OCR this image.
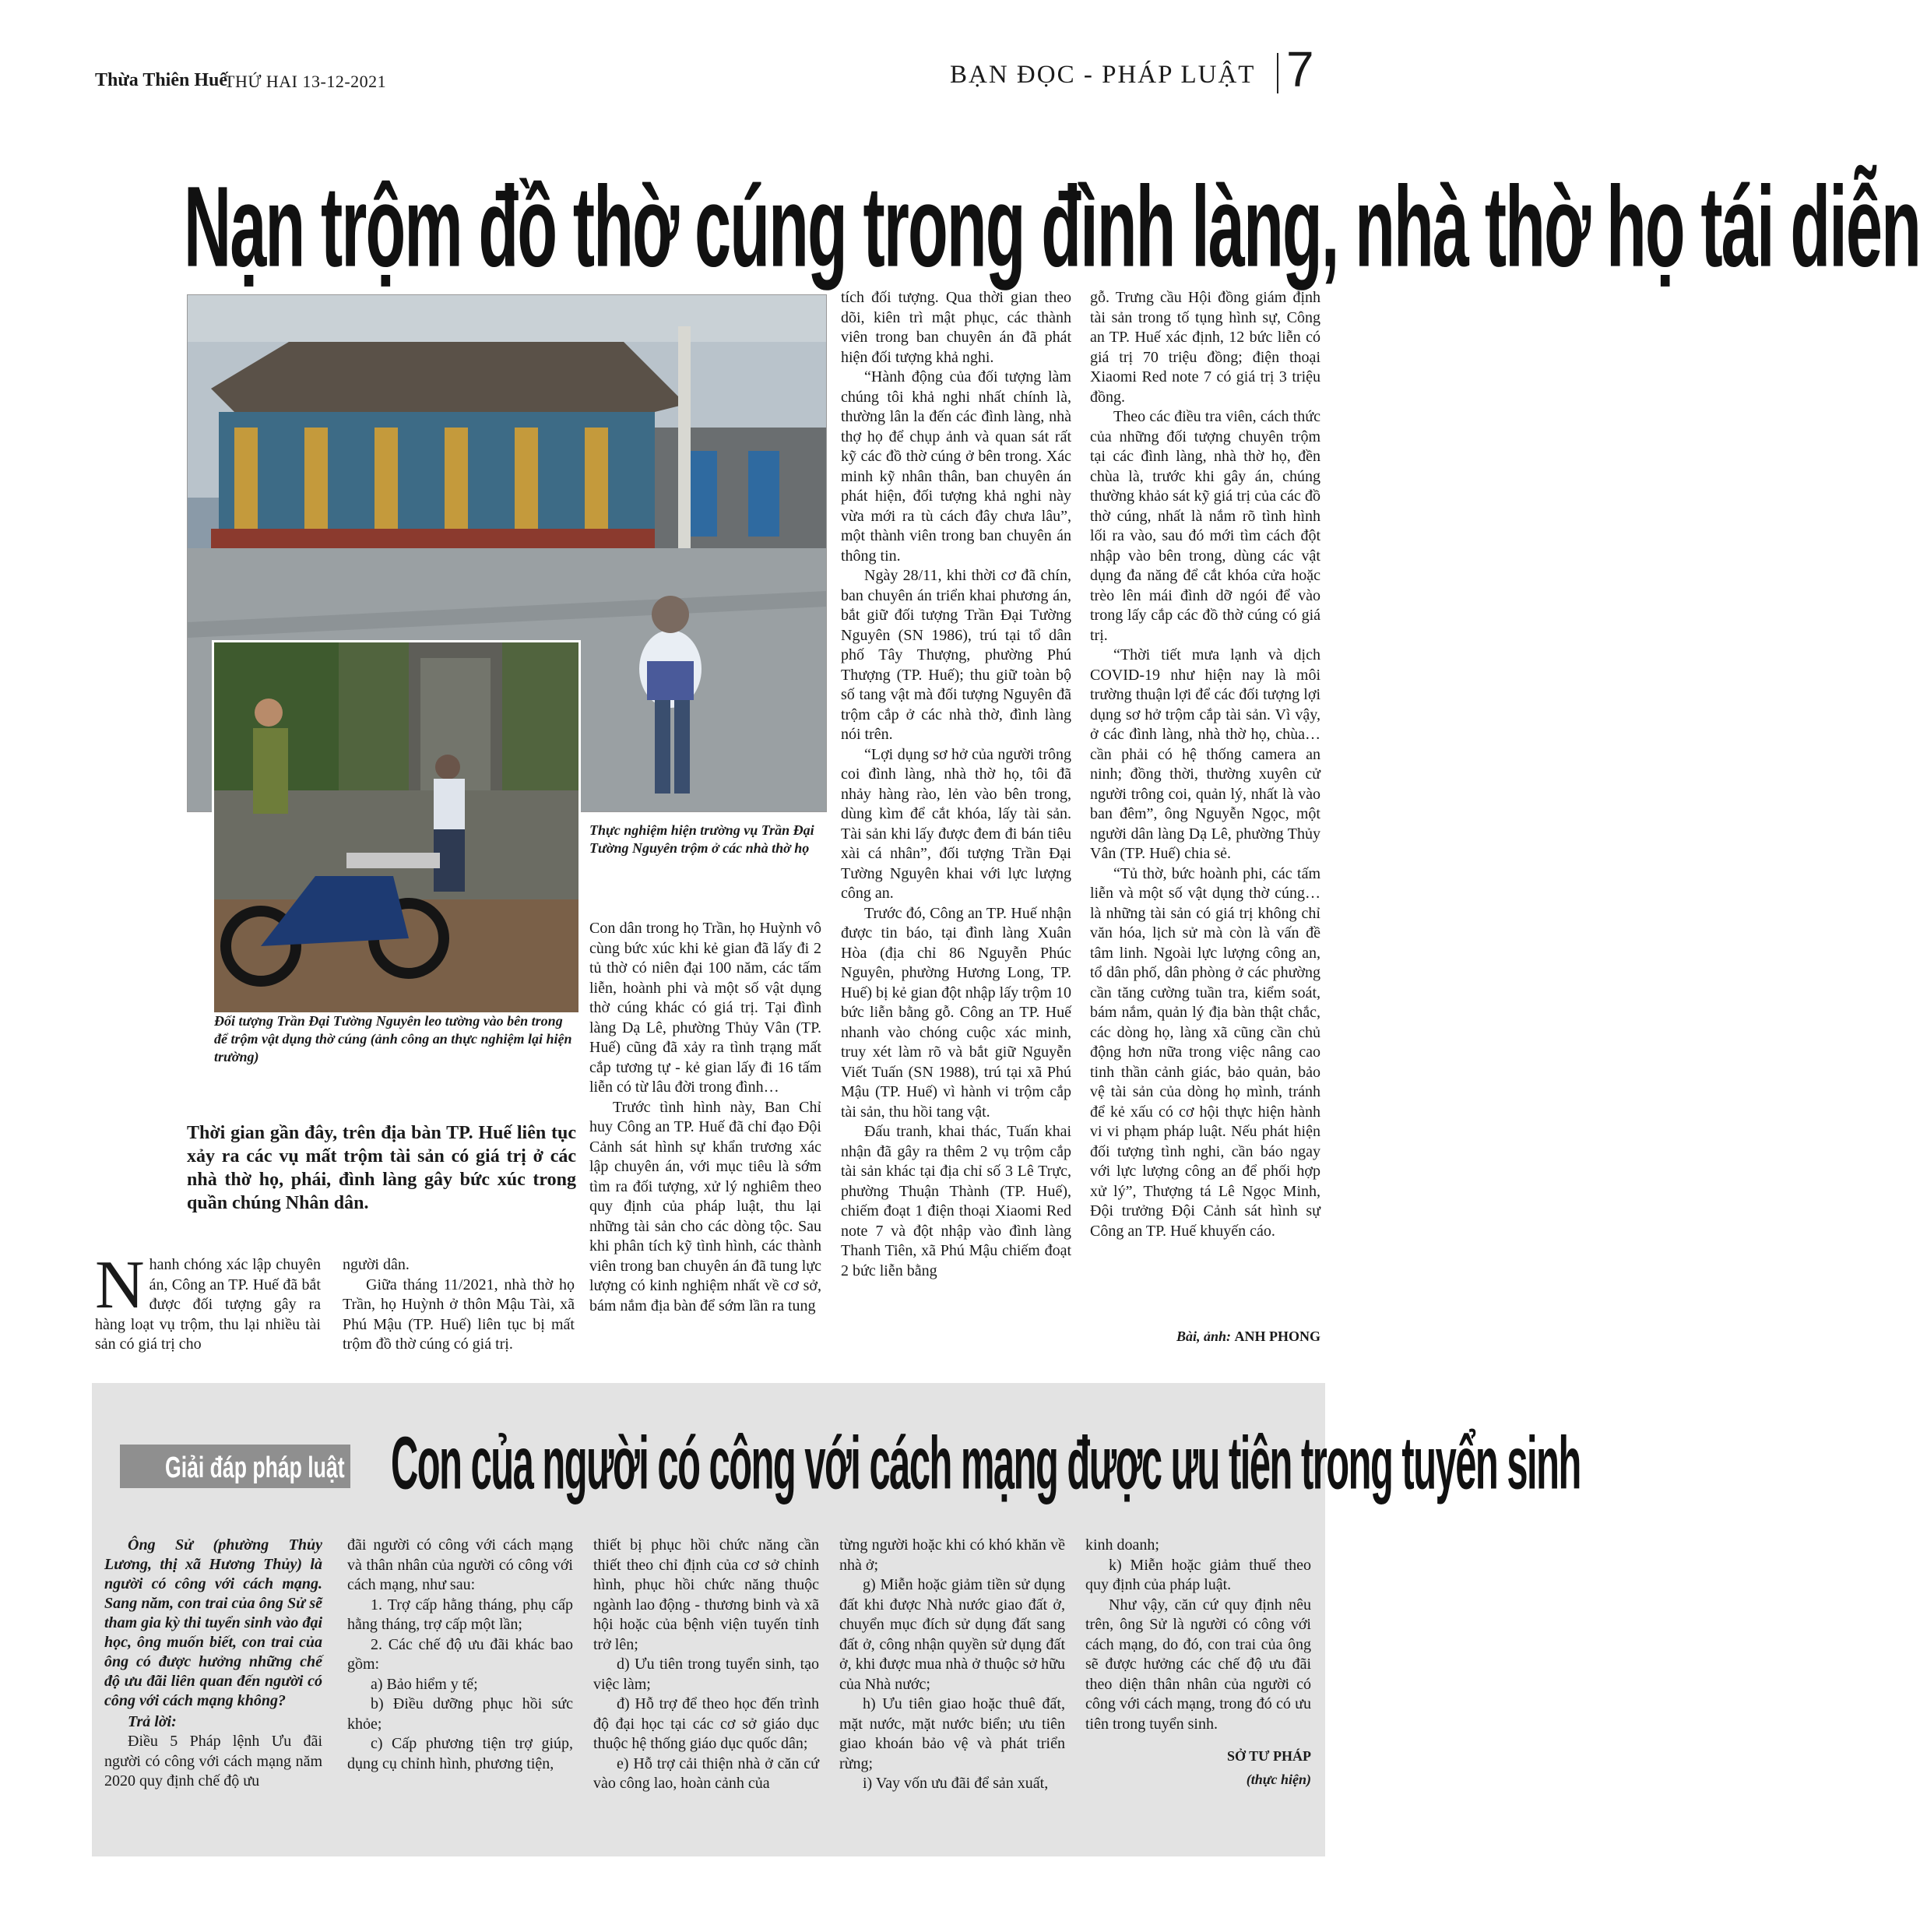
Thừa Thiên Huế
THỨ HAI 13-12-2021	BẠN ĐỌC - PHÁP LUẬT 7
Nạn trộm đồ thờ cúng trong đình làng, nhà thờ họ tái diễn
Thực nghiệm hiện trường vụ Trần Đại Tường Nguyên trộm ở các nhà thờ họ
Đối tượng Trần Đại Tường Nguyên leo tường vào bên trong để trộm vật dụng thờ cúng (ảnh công an thực nghiệm lại hiện trường)
Thời gian gần đây, trên địa bàn TP. Huế liên tục xảy ra các vụ mất trộm tài sản có giá trị ở các nhà thờ họ, phái, đình làng gây bức xúc trong quần chúng Nhân dân.
N hanh chóng xác lập chuyên án, Công an TP. Huế đã bắt được đối tượng gây ra hàng loạt vụ trộm, thu lại nhiều tài sản có giá trị cho

người dân.

Giữa tháng 11/2021, nhà thờ họ Trần, họ Huỳnh ở thôn Mậu Tài, xã Phú Mậu (TP. Huế) liên tục bị mất trộm đồ thờ cúng có giá trị.

Con dân trong họ Trần, họ Huỳnh vô cùng bức xúc khi kẻ gian đã lấy đi 2 tủ thờ có niên đại 100 năm, các tấm liễn, hoành phi và một số vật dụng thờ cúng khác có giá trị. Tại đình làng Dạ Lê, phường Thủy Vân (TP. Huế) cũng đã xảy ra tình trạng mất cắp tương tự - kẻ gian lấy đi 16 tấm liễn có từ lâu đời trong đình…

Trước tình hình này, Ban Chỉ huy Công an TP. Huế đã chỉ đạo Đội Cảnh sát hình sự khẩn trương xác lập chuyên án, với mục tiêu là sớm tìm ra đối tượng, xử lý nghiêm theo quy định của pháp luật, thu lại những tài sản cho các dòng tộc. Sau khi phân tích kỹ tình hình, các thành viên trong ban chuyên án đã tung lực lượng có kinh nghiệm nhất về cơ sở, bám nắm địa bàn để sớm lần ra tung

tích đối tượng. Qua thời gian theo dõi, kiên trì mật phục, các thành viên trong ban chuyên án đã phát hiện đối tượng khả nghi.

“Hành động của đối tượng làm chúng tôi khả nghi nhất chính là, thường lân la đến các đình làng, nhà thợ họ để chụp ảnh và quan sát rất kỹ các đồ thờ cúng ở bên trong. Xác minh kỹ nhân thân, ban chuyên án phát hiện, đối tượng khả nghi này vừa mới ra tù cách đây chưa lâu”, một thành viên trong ban chuyên án thông tin.

Ngày 28/11, khi thời cơ đã chín, ban chuyên án triển khai phương án, bắt giữ đối tượng Trần Đại Tường Nguyên (SN 1986), trú tại tổ dân phố Tây Thượng, phường Phú Thượng (TP. Huế); thu giữ toàn bộ số tang vật mà đối tượng Nguyên đã trộm cắp ở các nhà thờ, đình làng nói trên.

“Lợi dụng sơ hở của người trông coi đình làng, nhà thờ họ, tôi đã nhảy hàng rào, lẻn vào bên trong, dùng kìm để cắt khóa, lấy tài sản. Tài sản khi lấy được đem đi bán tiêu xài cá nhân”, đối tượng Trần Đại Tường Nguyên khai với lực lượng công an.

Trước đó, Công an TP. Huế nhận được tin báo, tại đình làng Xuân Hòa (địa chỉ 86 Nguyễn Phúc Nguyên, phường Hương Long, TP. Huế) bị kẻ gian đột nhập lấy trộm 10 bức liễn bằng gỗ. Công an TP. Huế nhanh vào chóng cuộc xác minh, truy xét làm rõ và bắt giữ Nguyễn Viết Tuấn (SN 1988), trú tại xã Phú Mậu (TP. Huế) vì hành vi trộm cắp tài sản, thu hồi tang vật.

Đấu tranh, khai thác, Tuấn khai nhận đã gây ra thêm 2 vụ trộm cắp tài sản khác tại địa chỉ số 3 Lê Trực, phường Thuận Thành (TP. Huế), chiếm đoạt 1 điện thoại Xiaomi Red note 7 và đột nhập vào đình làng Thanh Tiên, xã Phú Mậu chiếm đoạt 2 bức liễn bằng

gỗ. Trưng cầu Hội đồng giám định tài sản trong tố tụng hình sự, Công an TP. Huế xác định, 12 bức liễn có giá trị 70 triệu đồng; điện thoại Xiaomi Red note 7 có giá trị 3 triệu đồng.

Theo các điều tra viên, cách thức của những đối tượng chuyên trộm tại các đình làng, nhà thờ họ, đền chùa là, trước khi gây án, chúng thường khảo sát kỹ giá trị của các đồ thờ cúng, nhất là nắm rõ tình hình lối ra vào, sau đó mới tìm cách đột nhập vào bên trong, dùng các vật dụng đa năng để cắt khóa cửa hoặc trèo lên mái đình dỡ ngói để vào trong lấy cắp các đồ thờ cúng có giá trị.

“Thời tiết mưa lạnh và dịch COVID-19 như hiện nay là môi trường thuận lợi để các đối tượng lợi dụng sơ hở trộm cắp tài sản. Vì vậy, ở các đình làng, nhà thờ họ, chùa… cần phải có hệ thống camera an ninh; đồng thời, thường xuyên cử người trông coi, quản lý, nhất là vào ban đêm”, ông Nguyễn Ngọc, một người dân làng Dạ Lê, phường Thủy Vân (TP. Huế) chia sẻ.

“Tủ thờ, bức hoành phi, các tấm liễn và một số vật dụng thờ cúng… là những tài sản có giá trị không chỉ văn hóa, lịch sử mà còn là vấn đề tâm linh. Ngoài lực lượng công an, tổ dân phố, dân phòng ở các phường cần tăng cường tuần tra, kiểm soát, bám nắm, quản lý địa bàn thật chắc, các dòng họ, làng xã cũng cần chủ động hơn nữa trong việc nâng cao tinh thần cảnh giác, bảo quản, bảo vệ tài sản của dòng họ mình, tránh để kẻ xấu có cơ hội thực hiện hành vi vi phạm pháp luật. Nếu phát hiện đối tượng tình nghi, cần báo ngay với lực lượng công an để phối hợp xử lý”, Thượng tá Lê Ngọc Minh, Đội trưởng Đội Cảnh sát hình sự Công an TP. Huế khuyến cáo.

Bài, ảnh: ANH PHONG
Giải đáp pháp luật Con của người có công với cách mạng được ưu tiên trong tuyển sinh
Ông Sử (phường Thủy Lương, thị xã Hương Thủy) là người có công với cách mạng. Sang năm, con trai của ông Sử sẽ tham gia kỳ thi tuyển sinh vào đại học, ông muốn biết, con trai của ông có được hưởng những chế độ ưu đãi liên quan đến người có công với cách mạng không?
Trả lời:
Điều 5 Pháp lệnh Ưu đãi người có công với cách mạng năm 2020 quy định chế độ ưu

đãi người có công với cách mạng và thân nhân của người có công với cách mạng, như sau:

1. Trợ cấp hằng tháng, phụ cấp hằng tháng, trợ cấp một lần;

2. Các chế độ ưu đãi khác bao gồm:

a) Bảo hiểm y tế;

b) Điều dưỡng phục hồi sức khỏe;

c) Cấp phương tiện trợ giúp, dụng cụ chỉnh hình, phương tiện,

thiết bị phục hồi chức năng cần thiết theo chỉ định của cơ sở chỉnh hình, phục hồi chức năng thuộc ngành lao động - thương binh và xã hội hoặc của bệnh viện tuyến tỉnh trở lên;

d) Ưu tiên trong tuyển sinh, tạo việc làm;

đ) Hỗ trợ để theo học đến trình độ đại học tại các cơ sở giáo dục thuộc hệ thống giáo dục quốc dân;

e) Hỗ trợ cải thiện nhà ở căn cứ vào công lao, hoàn cảnh của

từng người hoặc khi có khó khăn về nhà ở;

g) Miễn hoặc giảm tiền sử dụng đất khi được Nhà nước giao đất ở, chuyển mục đích sử dụng đất sang đất ở, công nhận quyền sử dụng đất ở, khi được mua nhà ở thuộc sở hữu của Nhà nước;

h) Ưu tiên giao hoặc thuê đất, mặt nước, mặt nước biển; ưu tiên giao khoán bảo vệ và phát triển rừng;

i) Vay vốn ưu đãi để sản xuất,

kinh doanh;

k) Miễn hoặc giảm thuế theo quy định của pháp luật.

Như vậy, căn cứ quy định nêu trên, ông Sử là người có công với cách mạng, do đó, con trai của ông sẽ được hưởng các chế độ ưu đãi theo diện thân nhân của người có công với cách mạng, trong đó có ưu tiên trong tuyển sinh.

SỞ TƯ PHÁP
(thực hiện)
